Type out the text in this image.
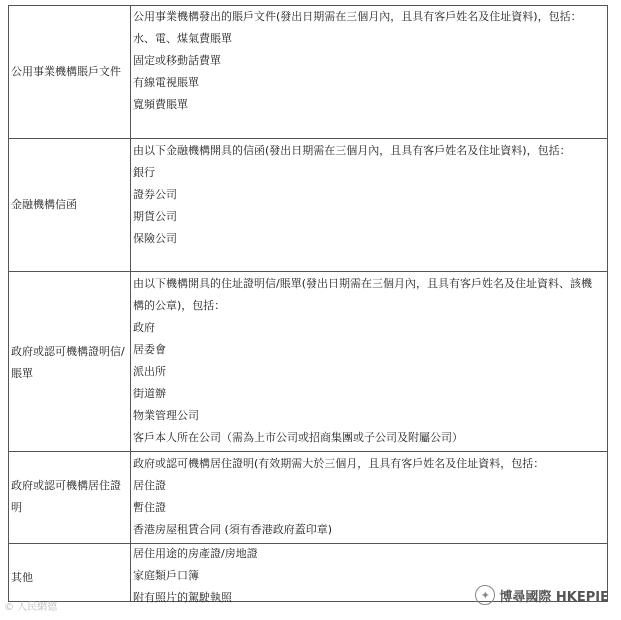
公用事業機構賬戶文件
公用事業機構發出的賬戶文件(發出日期需在三個月內，且具有客戶姓名及住址資料)，包括：
水、電、煤氣費賬單
固定或移動話費單
有線電視賬單
寬頻費賬單
金融機構信函
由以下金融機構開具的信函(發出日期需在三個月內，且具有客戶姓名及住址資料)，包括：
銀行
證券公司
期貨公司
保險公司
政府或認可機構證明信/賬單
由以下機構開具的住址證明信/賬單(發出日期需在三個月內，且具有客戶姓名及住址資料、該機構的公章)，包括：
政府
居委會
派出所
街道辦
物業管理公司
客戶本人所在公司（需為上市公司或招商集團或子公司及附屬公司）
政府或認可機構居住證明
政府或認可機構居住證明(有效期需大於三個月，且具有客戶姓名及住址資料，包括：
居住證
暫住證
香港房屋租賃合同 (須有香港政府蓋印章)
其他
居住用途的房產證/房地證
家庭類戶口簿
附有照片的駕駛執照
© 人民網德
✦ 博尋國際 HKEPIE
